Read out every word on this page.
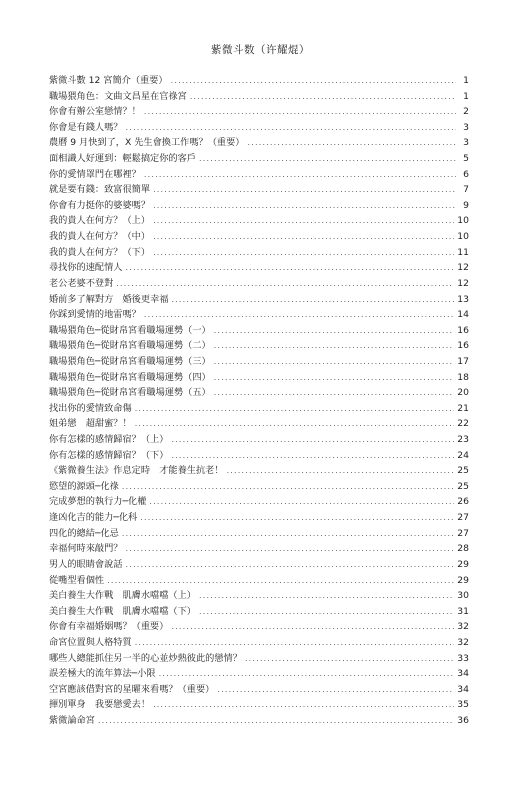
紫微斗数（许耀焜）
紫微斗數 12 宮簡介（重要） .....	1
職場猥角色：文曲文昌星在官祿宮 .....	1
你會有辦公室戀情？！ .....	2
你會是有錢人嗎？ .....	3
農曆 9 月快到了，X 先生會換工作嗎？（重要） .....	3
面相識人好運到：輕鬆搞定你的客戶 .....	5
你的愛情罩門在哪裡？ .....	6
就是要有錢：致富很簡單 .....	7
你會有力挺你的婆婆嗎？ .....	9
我的貴人在何方？（上） .....	10
我的貴人在何方？（中） .....	10
我的貴人在何方？（下） .....	11
尋找你的速配情人 .....	12
老公老婆不登對 .....	12
婚前多了解對方　婚後更幸福 .....	13
你踩到愛情的地雷嗎？ .....	14
職場猥角色─從財帛宮看職場運勢（一） .....	16
職場猥角色─從財帛宮看職場運勢（二） .....	16
職場猥角色─從財帛宮看職場運勢（三） .....	17
職場猥角色─從財帛宮看職場運勢（四） .....	18
職場猥角色─從財帛宮看職場運勢（五） .....	20
找出你的愛情致命傷 .....	21
姐弟戀　超甜蜜？！ .....	22
你有怎樣的感情歸宿？（上） .....	23
你有怎樣的感情歸宿？（下） .....	24
《紫微養生法》作息定時　才能養生抗老！ .....	25
慾望的源頭─化祿 .....	25
完成夢想的執行力─化權 .....	26
逢凶化吉的能力─化科 .....	27
四化的總結─化忌 .....	27
幸福何時來敲門？ .....	28
男人的眼睛會說話 .....	29
從嘴型看個性 .....	29
美白養生大作戰　肌膚水噹噹（上） .....	30
美白養生大作戰　肌膚水噹噹（下） .....	31
你會有幸福婚姻嗎？（重要） .....	32
命宮位置與人格特質 .....	32
哪些人總能抓住另一半的心並炒熱彼此的戀情？ .....	33
誤差極大的流年算法─小限 .....	34
空宮應該借對宮的星曜來看嗎？（重要） .....	34
揮別單身　我要戀愛去！ .....	35
紫微論命宮 .....	36
